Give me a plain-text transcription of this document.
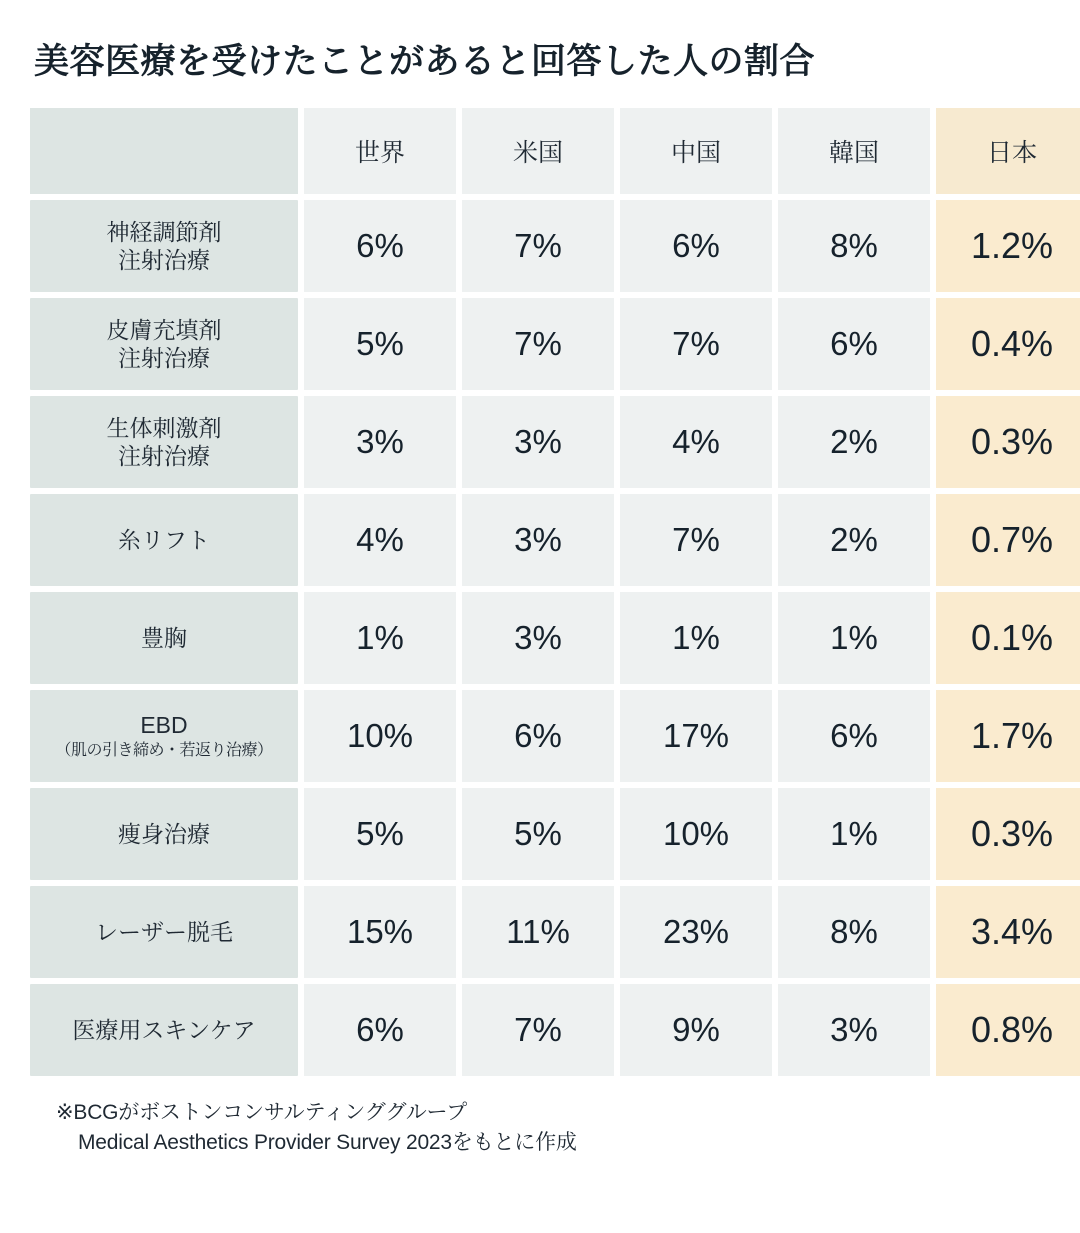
美容医療を受けたことがあると回答した人の割合
	世界	米国	中国	韓国	日本
神経調節剤
注射治療	6%	7%	6%	8%	1.2%
皮膚充填剤
注射治療	5%	7%	7%	6%	0.4%
生体刺激剤
注射治療	3%	3%	4%	2%	0.3%
糸リフト	4%	3%	7%	2%	0.7%
豊胸	1%	3%	1%	1%	0.1%
EBD
（肌の引き締め・若返り治療）	10%	6%	17%	6%	1.7%
痩身治療	5%	5%	10%	1%	0.3%
レーザー脱毛	15%	11%	23%	8%	3.4%
医療用スキンケア	6%	7%	9%	3%	0.8%
※BCGがボストンコンサルティンググループ
Medical Aesthetics Provider Survey 2023をもとに作成
